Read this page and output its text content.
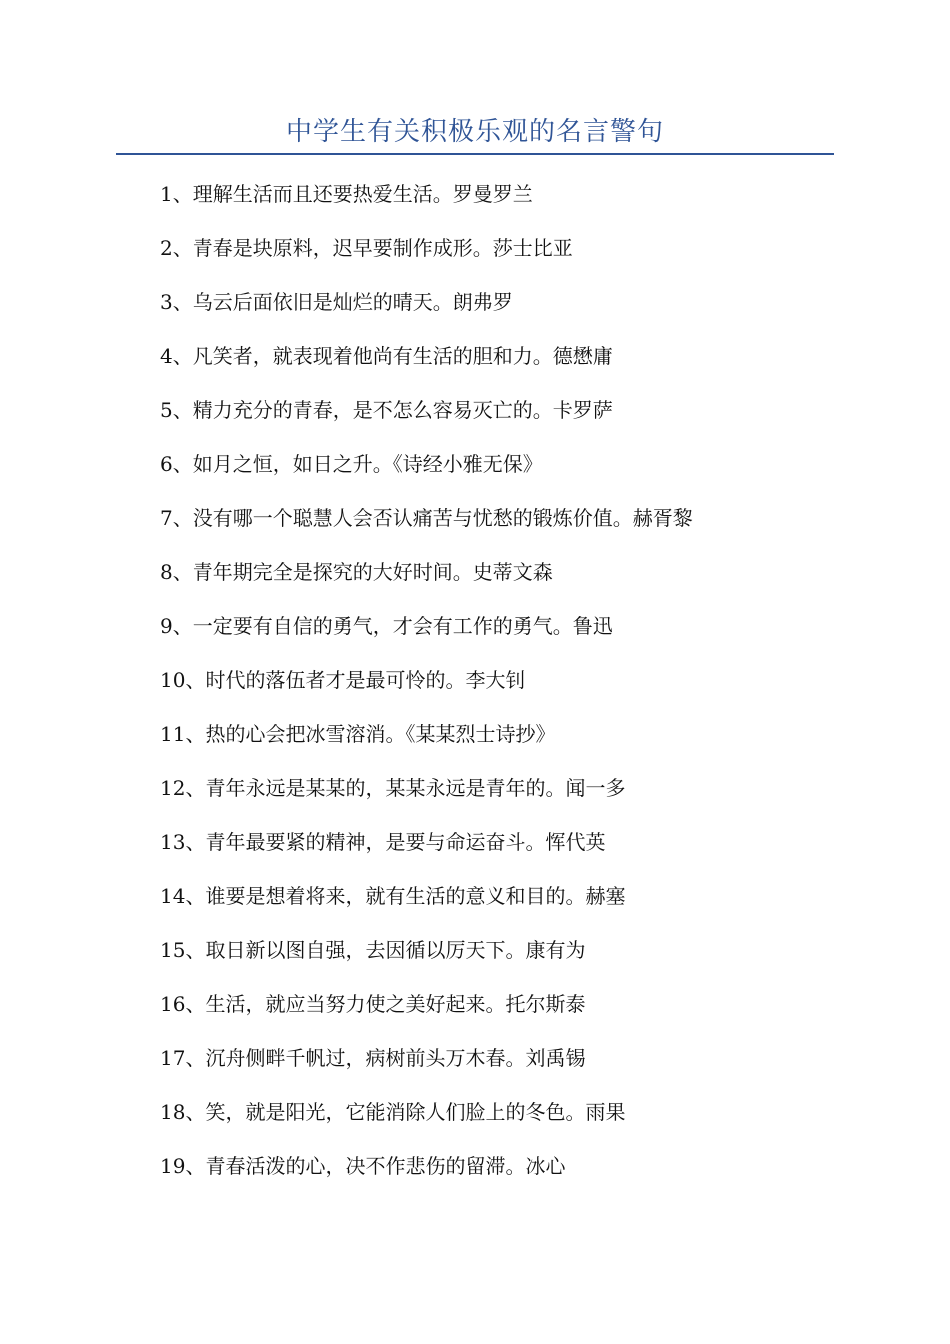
中学生有关积极乐观的名言警句
1、理解生活而且还要热爱生活。罗曼罗兰
2、青春是块原料，迟早要制作成形。莎士比亚
3、乌云后面依旧是灿烂的晴天。朗弗罗
4、凡笑者，就表现着他尚有生活的胆和力。德懋庸
5、精力充分的青春，是不怎么容易灭亡的。卡罗萨
6、如月之恒，如日之升。《诗经小雅无保》
7、没有哪一个聪慧人会否认痛苦与忧愁的锻炼价值。赫胥黎
8、青年期完全是探究的大好时间。史蒂文森
9、一定要有自信的勇气，才会有工作的勇气。鲁迅
10、时代的落伍者才是最可怜的。李大钊
11、热的心会把冰雪溶消。《某某烈士诗抄》
12、青年永远是某某的，某某永远是青年的。闻一多
13、青年最要紧的精神，是要与命运奋斗。恽代英
14、谁要是想着将来，就有生活的意义和目的。赫塞
15、取日新以图自强，去因循以厉天下。康有为
16、生活，就应当努力使之美好起来。托尔斯泰
17、沉舟侧畔千帆过，病树前头万木春。刘禹锡
18、笑，就是阳光，它能消除人们脸上的冬色。雨果
19、青春活泼的心，决不作悲伤的留滞。冰心
